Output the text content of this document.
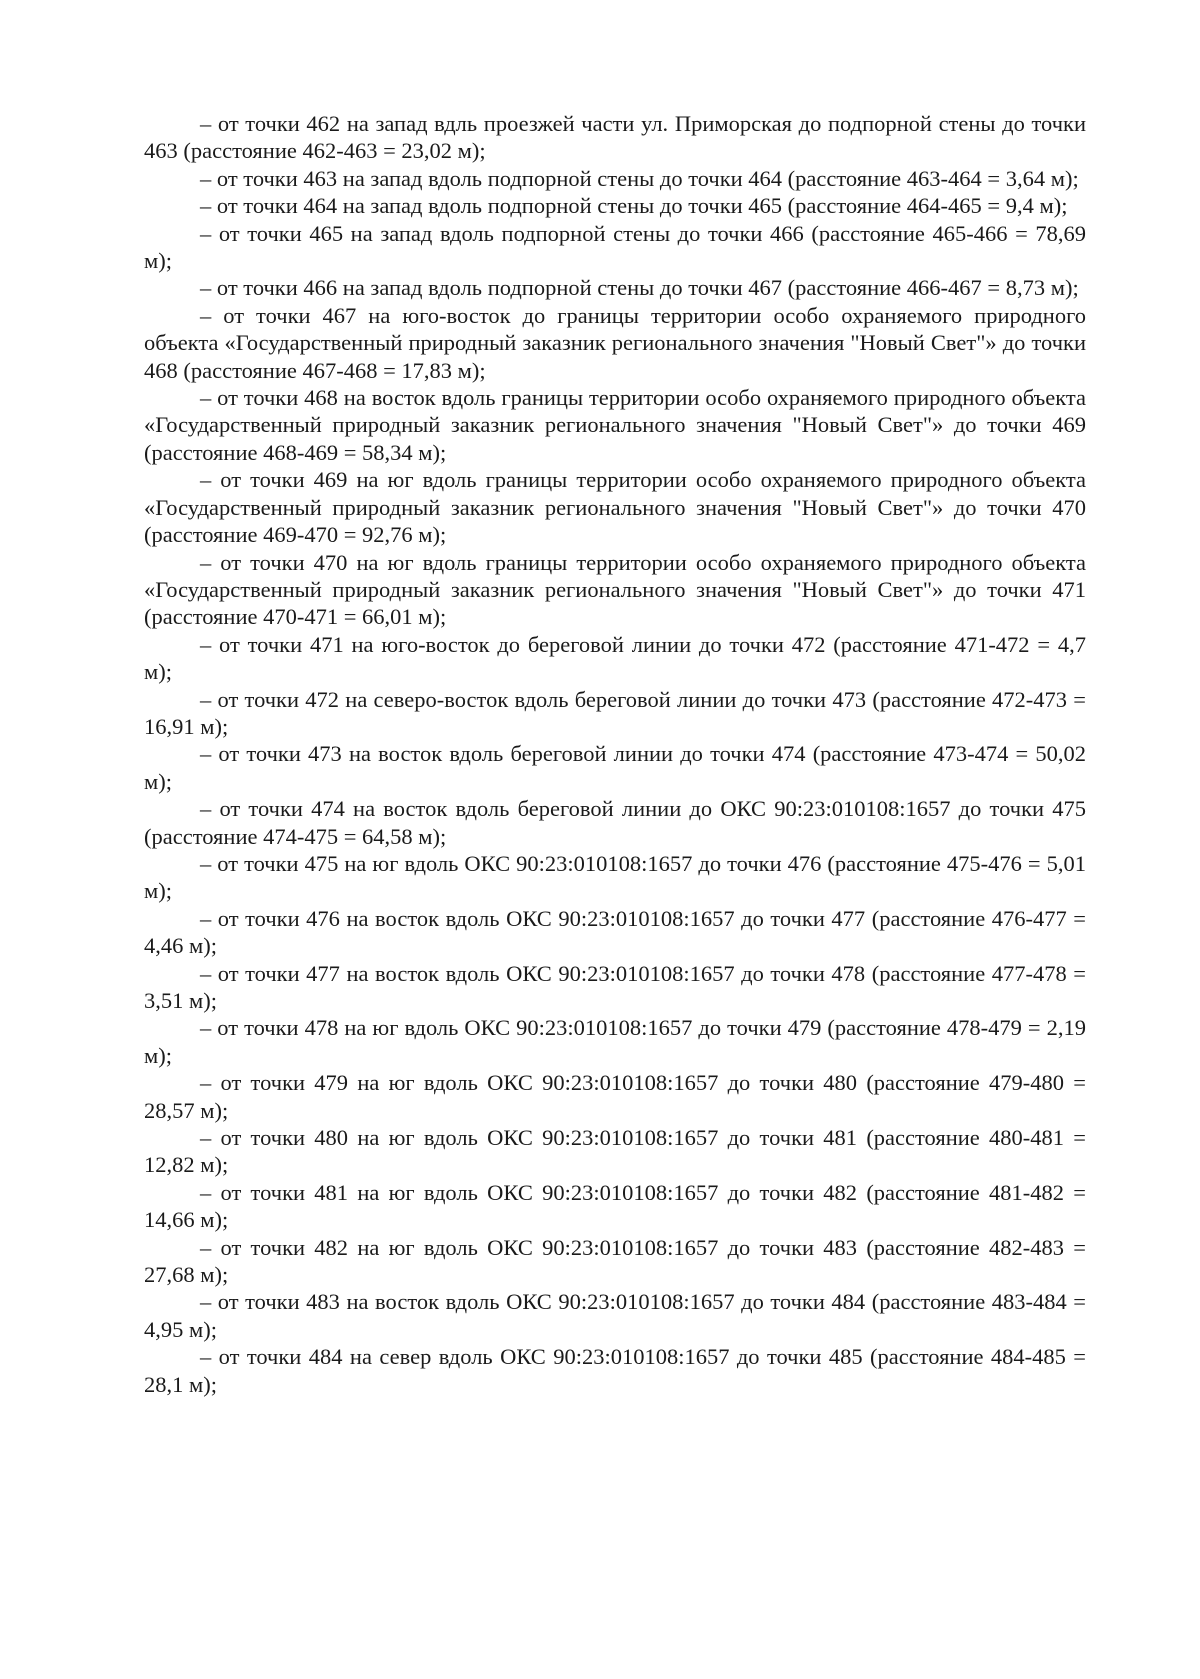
– от точки 462 на запад вдль проезжей части ул. Приморская до подпорной стены до точки 463 (расстояние 462-463 = 23,02 м);

– от точки 463 на запад вдоль подпорной стены до точки 464 (расстояние 463-464 = 3,64 м);

– от точки 464 на запад вдоль подпорной стены до точки 465 (расстояние 464-465 = 9,4 м);

– от точки 465 на запад вдоль подпорной стены до точки 466 (расстояние 465-466 = 78,69 м);

– от точки 466 на запад вдоль подпорной стены до точки 467 (расстояние 466-467 = 8,73 м);

– от точки 467 на юго-восток до границы территории особо охраняемого природного объекта «Государственный природный заказник регионального значения "Новый Свет"» до точки 468 (расстояние 467-468 = 17,83 м);

– от точки 468 на восток вдоль границы территории особо охраняемого природного объекта «Государственный природный заказник регионального значения "Новый Свет"» до точки 469 (расстояние 468-469 = 58,34 м);

– от точки 469 на юг вдоль границы территории особо охраняемого природного объекта «Государственный природный заказник регионального значения "Новый Свет"» до точки 470 (расстояние 469-470 = 92,76 м);

– от точки 470 на юг вдоль границы территории особо охраняемого природного объекта «Государственный природный заказник регионального значения "Новый Свет"» до точки 471 (расстояние 470-471 = 66,01 м);

– от точки 471 на юго-восток до береговой линии до точки 472 (расстояние 471-472 = 4,7 м);

– от точки 472 на северо-восток вдоль береговой линии до точки 473 (расстояние 472-473 = 16,91 м);

– от точки 473 на восток вдоль береговой линии до точки 474 (расстояние 473-474 = 50,02 м);

– от точки 474 на восток вдоль береговой линии до ОКС 90:23:010108:1657 до точки 475 (расстояние 474-475 = 64,58 м);

– от точки 475 на юг вдоль ОКС 90:23:010108:1657 до точки 476 (расстояние 475-476 = 5,01 м);

– от точки 476 на восток вдоль ОКС 90:23:010108:1657 до точки 477 (расстояние 476-477 = 4,46 м);

– от точки 477 на восток вдоль ОКС 90:23:010108:1657 до точки 478 (расстояние 477-478 = 3,51 м);

– от точки 478 на юг вдоль ОКС 90:23:010108:1657 до точки 479 (расстояние 478-479 = 2,19 м);

– от точки 479 на юг вдоль ОКС 90:23:010108:1657 до точки 480 (расстояние 479-480 = 28,57 м);

– от точки 480 на юг вдоль ОКС 90:23:010108:1657 до точки 481 (расстояние 480-481 = 12,82 м);

– от точки 481 на юг вдоль ОКС 90:23:010108:1657 до точки 482 (расстояние 481-482 = 14,66 м);

– от точки 482 на юг вдоль ОКС 90:23:010108:1657 до точки 483 (расстояние 482-483 = 27,68 м);

– от точки 483 на восток вдоль ОКС 90:23:010108:1657 до точки 484 (расстояние 483-484 = 4,95 м);

– от точки 484 на север вдоль ОКС 90:23:010108:1657 до точки 485 (расстояние 484-485 = 28,1 м);
